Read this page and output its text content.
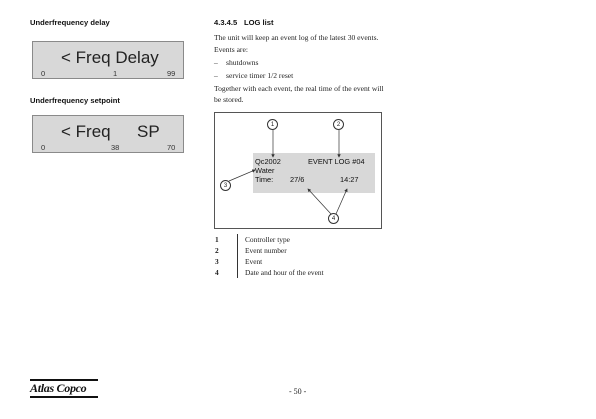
Underfrequency delay
< Freq Delay
0	1	99
Underfrequency setpoint
< Freq SP
0	38	70
4.3.4.5 LOG list
The unit will keep an event log of the latest 30 events.
Events are:
– shutdowns
– service timer 1/2 reset
Together with each event, the real time of the event will be stored.
Qc2002	EVENT LOG #04
Water
Time: 27/6	14:27
1	2
3
4
1	Controller type
2	Event number
3	Event
4	Date and hour of the event
Atlas Copco	- 50 -
